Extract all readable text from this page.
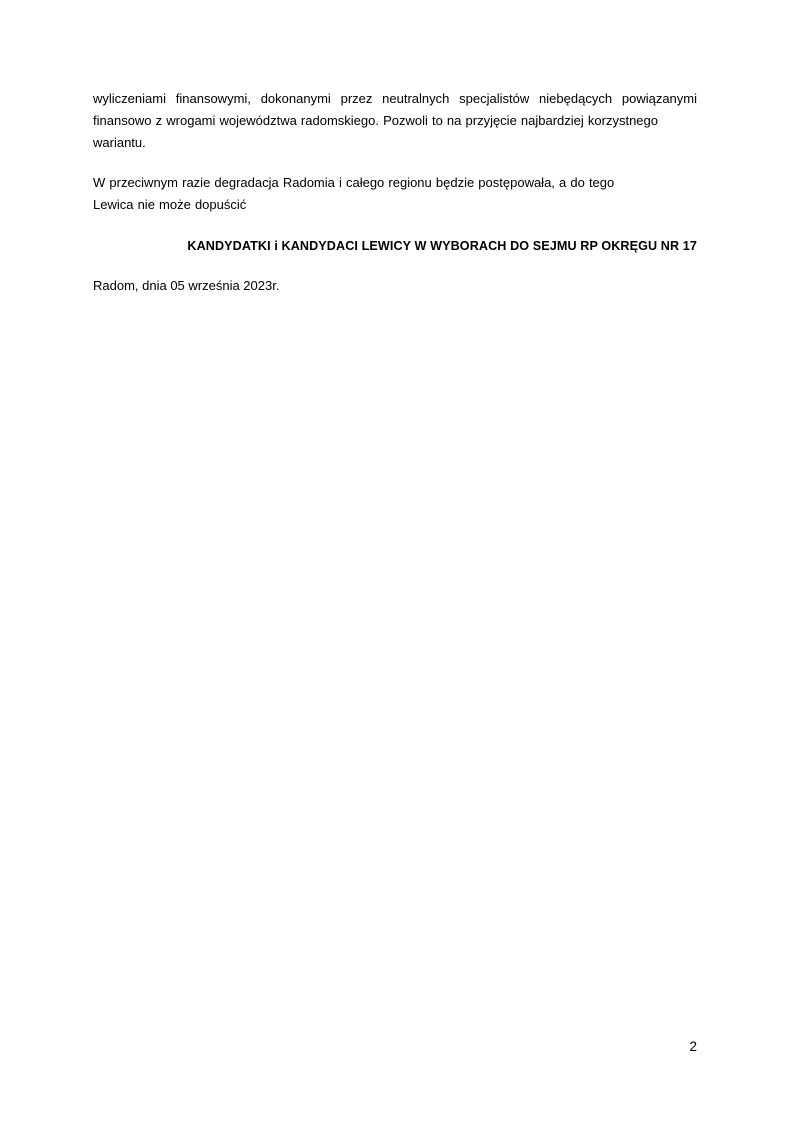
wyliczeniami finansowymi, dokonanymi przez neutralnych specjalistów niebędących powiązanymi finansowo z wrogami województwa radomskiego. Pozwoli to na przyjęcie najbardziej korzystnego
wariantu.

W przeciwnym razie degradacja Radomia i całego regionu będzie postępowała, a do tego
Lewica nie może dopuścić

KANDYDATKI i KANDYDACI LEWICY W WYBORACH DO SEJMU RP OKRĘGU NR 17
Radom, dnia 05 września 2023r.
2
